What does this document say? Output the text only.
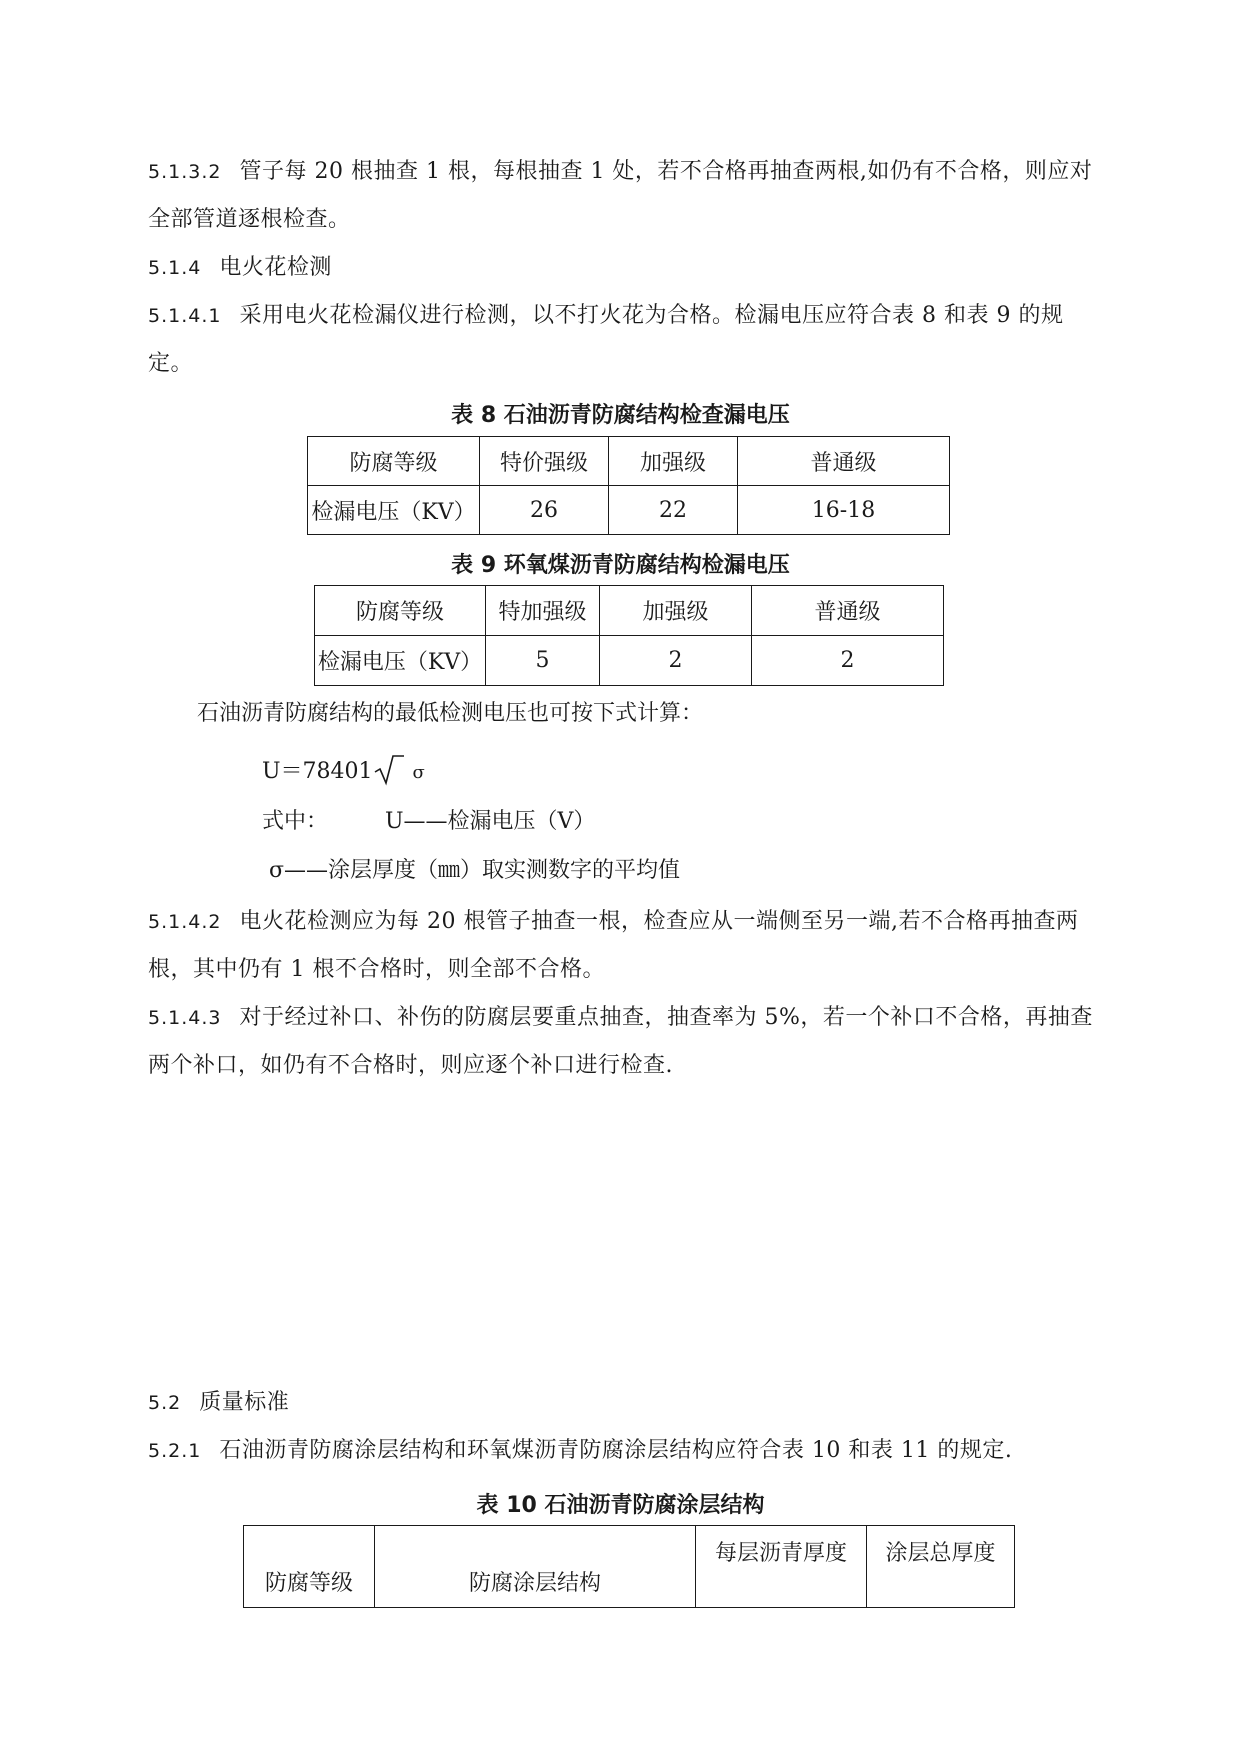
5.1.3.2 管子每 20 根抽查 1 根，每根抽查 1 处，若不合格再抽查两根,如仍有不合格，则应对全部管道逐根检查。

5.1.4 电火花检测

5.1.4.1 采用电火花检漏仪进行检测，以不打火花为合格。检漏电压应符合表 8 和表 9 的规定。

表 8 石油沥青防腐结构检查漏电压
防腐等级	特价强级	加强级	普通级
检漏电压（KV）	26	22	16-18
表 9 环氧煤沥青防腐结构检漏电压
防腐等级	特加强级	加强级	普通级
检漏电压（KV）	5	2	2
石油沥青防腐结构的最低检测电压也可按下式计算：
U＝78401 σ
式中：	U——检漏电压（V）
σ——涂层厚度（㎜）取实测数字的平均值

5.1.4.2 电火花检测应为每 20 根管子抽查一根，检查应从一端侧至另一端,若不合格再抽查两根，其中仍有 1 根不合格时，则全部不合格。

5.1.4.3 对于经过补口、补伤的防腐层要重点抽查，抽查率为 5%，若一个补口不合格，再抽查两个补口，如仍有不合格时，则应逐个补口进行检查.

5.2 质量标准

5.2.1 石油沥青防腐涂层结构和环氧煤沥青防腐涂层结构应符合表 10 和表 11 的规定.

表 10 石油沥青防腐涂层结构
防腐等级	防腐涂层结构	每层沥青厚度	涂层总厚度
